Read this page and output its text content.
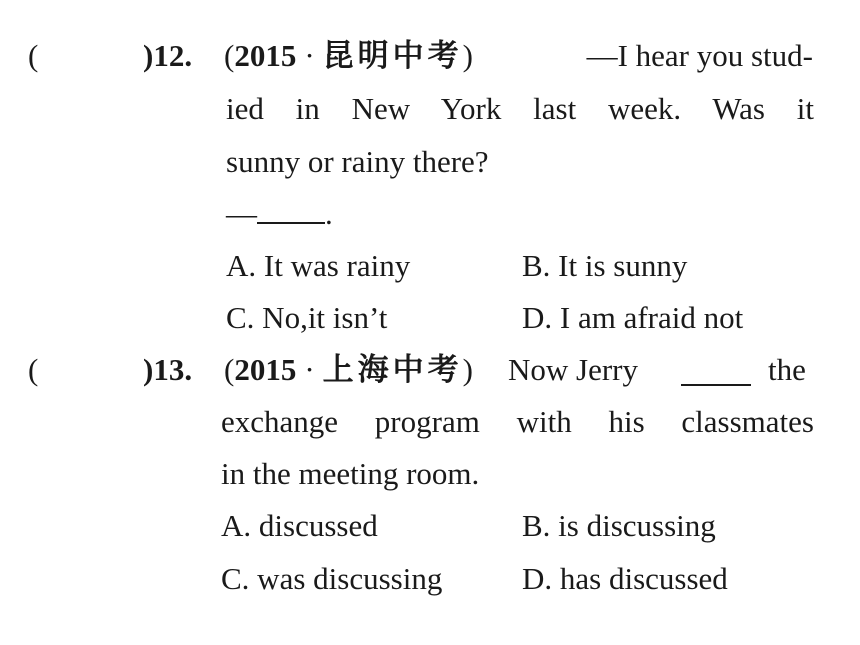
(	)12. (2015 · 昆明中考)	—I hear you stud-
ied in New York last week. Was it
sunny or rainy there?
— .
A. It was rainy	B. It is sunny
C. No,it isn’t	D. I am afraid not
(	)13. (2015 · 上海中考) Now Jerry	the
exchange program with his classmates
in the meeting room.
A. discussed	B. is discussing
C. was discussing	D. has discussed
